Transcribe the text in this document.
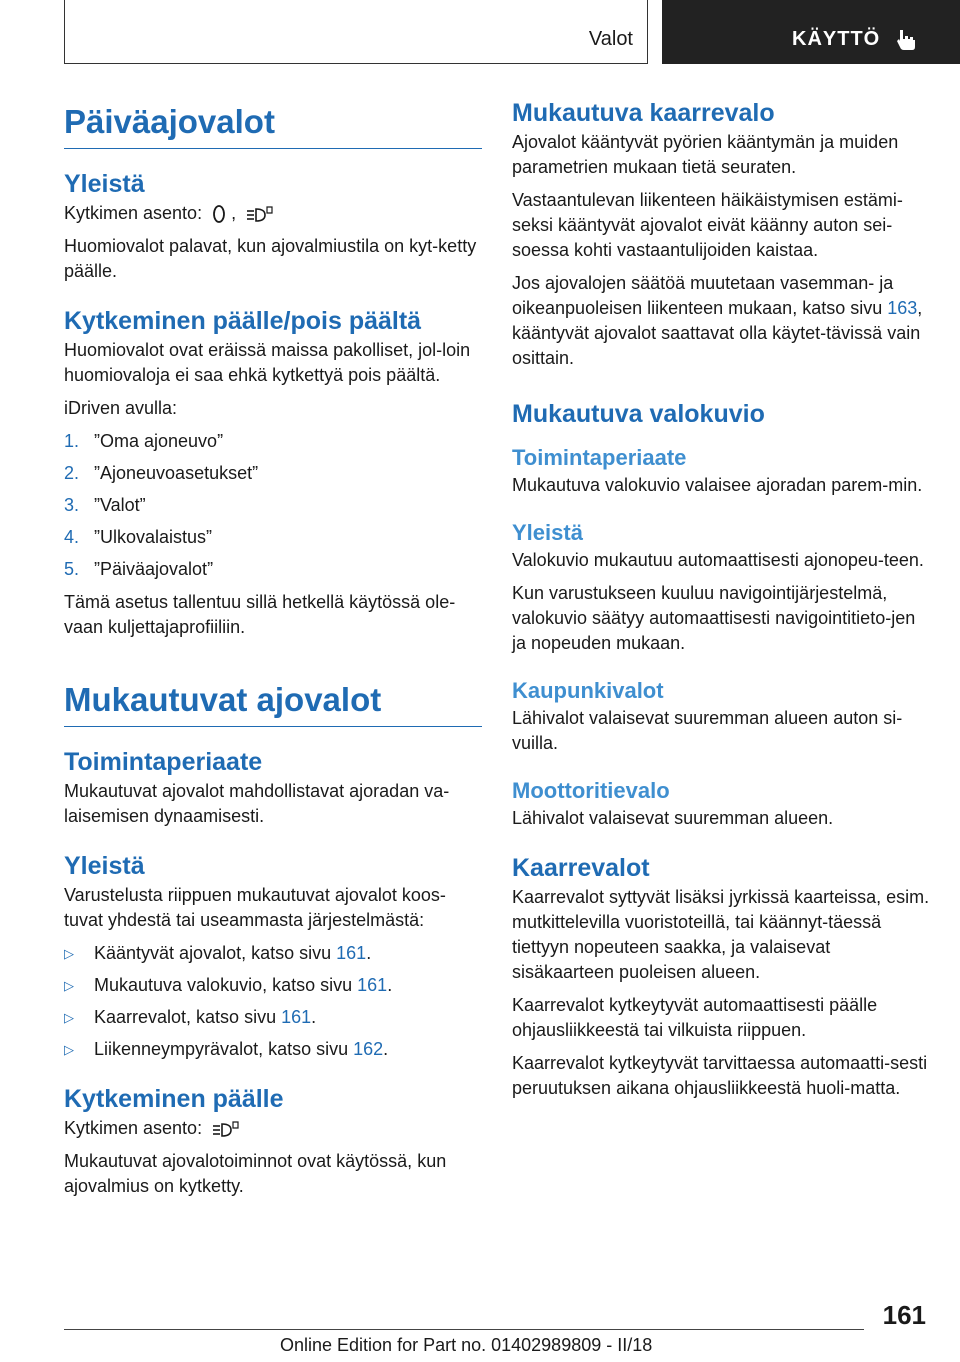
Valot	KÄYTTÖ
Päiväajovalot
Yleistä

Kytkimen asento: ,

Huomiovalot palavat, kun ajovalmiustila on kyt-ketty päälle.

Kytkeminen päälle/pois päältä

Huomiovalot ovat eräissä maissa pakolliset, jol-loin huomiovaloja ei saa ehkä kytkettyä pois päältä.

iDriven avulla:

1. ”Oma ajoneuvo”
2. ”Ajoneuvoasetukset”
3. ”Valot”
4. ”Ulkovalaistus”
5. ”Päiväajovalot”

Tämä asetus tallentuu sillä hetkellä käytössä ole-vaan kuljettajaprofiiliin.

Mukautuvat ajovalot
Toimintaperiaate

Mukautuvat ajovalot mahdollistavat ajoradan va-laisemisen dynaamisesti.

Yleistä

Varustelusta riippuen mukautuvat ajovalot koos-tuvat yhdestä tai useammasta järjestelmästä:

▷	Kääntyvät ajovalot, katso sivu 161.
▷	Mukautuva valokuvio, katso sivu 161.
▷	Kaarrevalot, katso sivu 161.
▷	Liikenneympyrävalot, katso sivu 162.
Kytkeminen päälle

Kytkimen asento:

Mukautuvat ajovalotoiminnot ovat käytössä, kun ajovalmius on kytketty.

Mukautuva kaarrevalo

Ajovalot kääntyvät pyörien kääntymän ja muiden parametrien mukaan tietä seuraten.

Vastaantulevan liikenteen häikäistymisen estämi-seksi kääntyvät ajovalot eivät käänny auton sei-soessa kohti vastaantulijoiden kaistaa.

Jos ajovalojen säätöä muutetaan vasemman- ja oikeanpuoleisen liikenteen mukaan, katso sivu 163, kääntyvät ajovalot saattavat olla käytet-tävissä vain osittain.

Mukautuva valokuvio
Toimintaperiaate

Mukautuva valokuvio valaisee ajoradan parem-min.

Yleistä

Valokuvio mukautuu automaattisesti ajonopeu-teen.

Kun varustukseen kuuluu navigointijärjestelmä, valokuvio säätyy automaattisesti navigointitieto-jen ja nopeuden mukaan.

Kaupunkivalot

Lähivalot valaisevat suuremman alueen auton si-vuilla.

Moottoritievalo

Lähivalot valaisevat suuremman alueen.

Kaarrevalot

Kaarrevalot syttyvät lisäksi jyrkissä kaarteissa, esim. mutkittelevilla vuoristoteillä, tai käännyt-täessä tiettyyn nopeuteen saakka, ja valaisevat sisäkaarteen puoleisen alueen.

Kaarrevalot kytkeytyvät automaattisesti päälle ohjausliikkeestä tai vilkuista riippuen.

Kaarrevalot kytkeytyvät tarvittaessa automaatti-sesti peruutuksen aikana ohjausliikkeestä huoli-matta.

161
Online Edition for Part no. 01402989809 - II/18
